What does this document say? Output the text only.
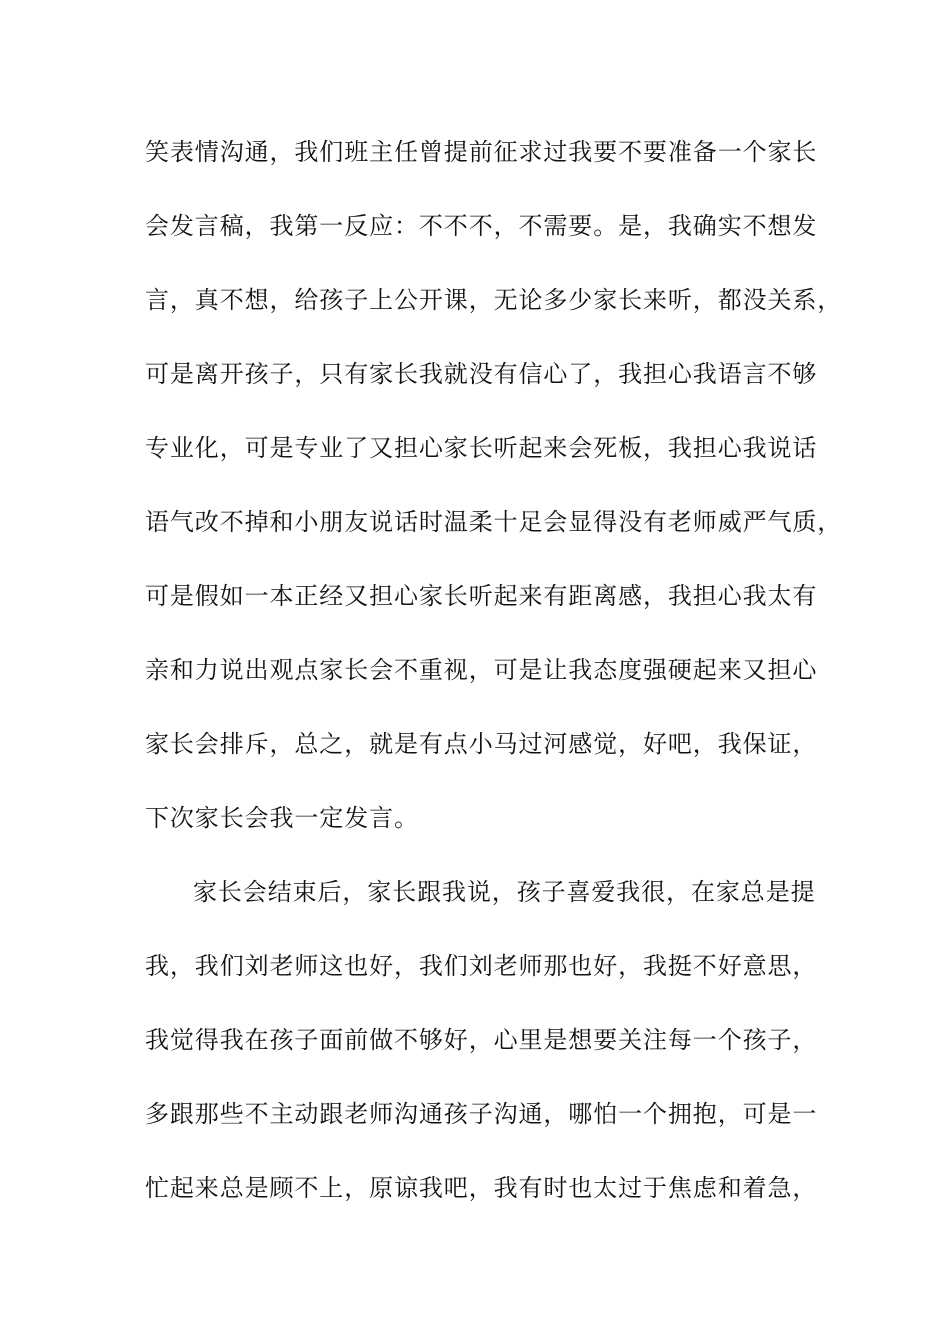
笑表情沟通，我们班主任曾提前征求过我要不要准备一个家长
会发言稿，我第一反应：不不不，不需要。是，我确实不想发
言，真不想，给孩子上公开课，无论多少家长来听，都没关系，
可是离开孩子，只有家长我就没有信心了，我担心我语言不够
专业化，可是专业了又担心家长听起来会死板，我担心我说话
语气改不掉和小朋友说话时温柔十足会显得没有老师威严气质，
可是假如一本正经又担心家长听起来有距离感，我担心我太有
亲和力说出观点家长会不重视，可是让我态度强硬起来又担心
家长会排斥，总之，就是有点小马过河感觉，好吧，我保证，
下次家长会我一定发言。
家长会结束后，家长跟我说，孩子喜爱我很，在家总是提
我，我们刘老师这也好，我们刘老师那也好，我挺不好意思，
我觉得我在孩子面前做不够好，心里是想要关注每一个孩子，
多跟那些不主动跟老师沟通孩子沟通，哪怕一个拥抱，可是一
忙起来总是顾不上，原谅我吧，我有时也太过于焦虑和着急，
